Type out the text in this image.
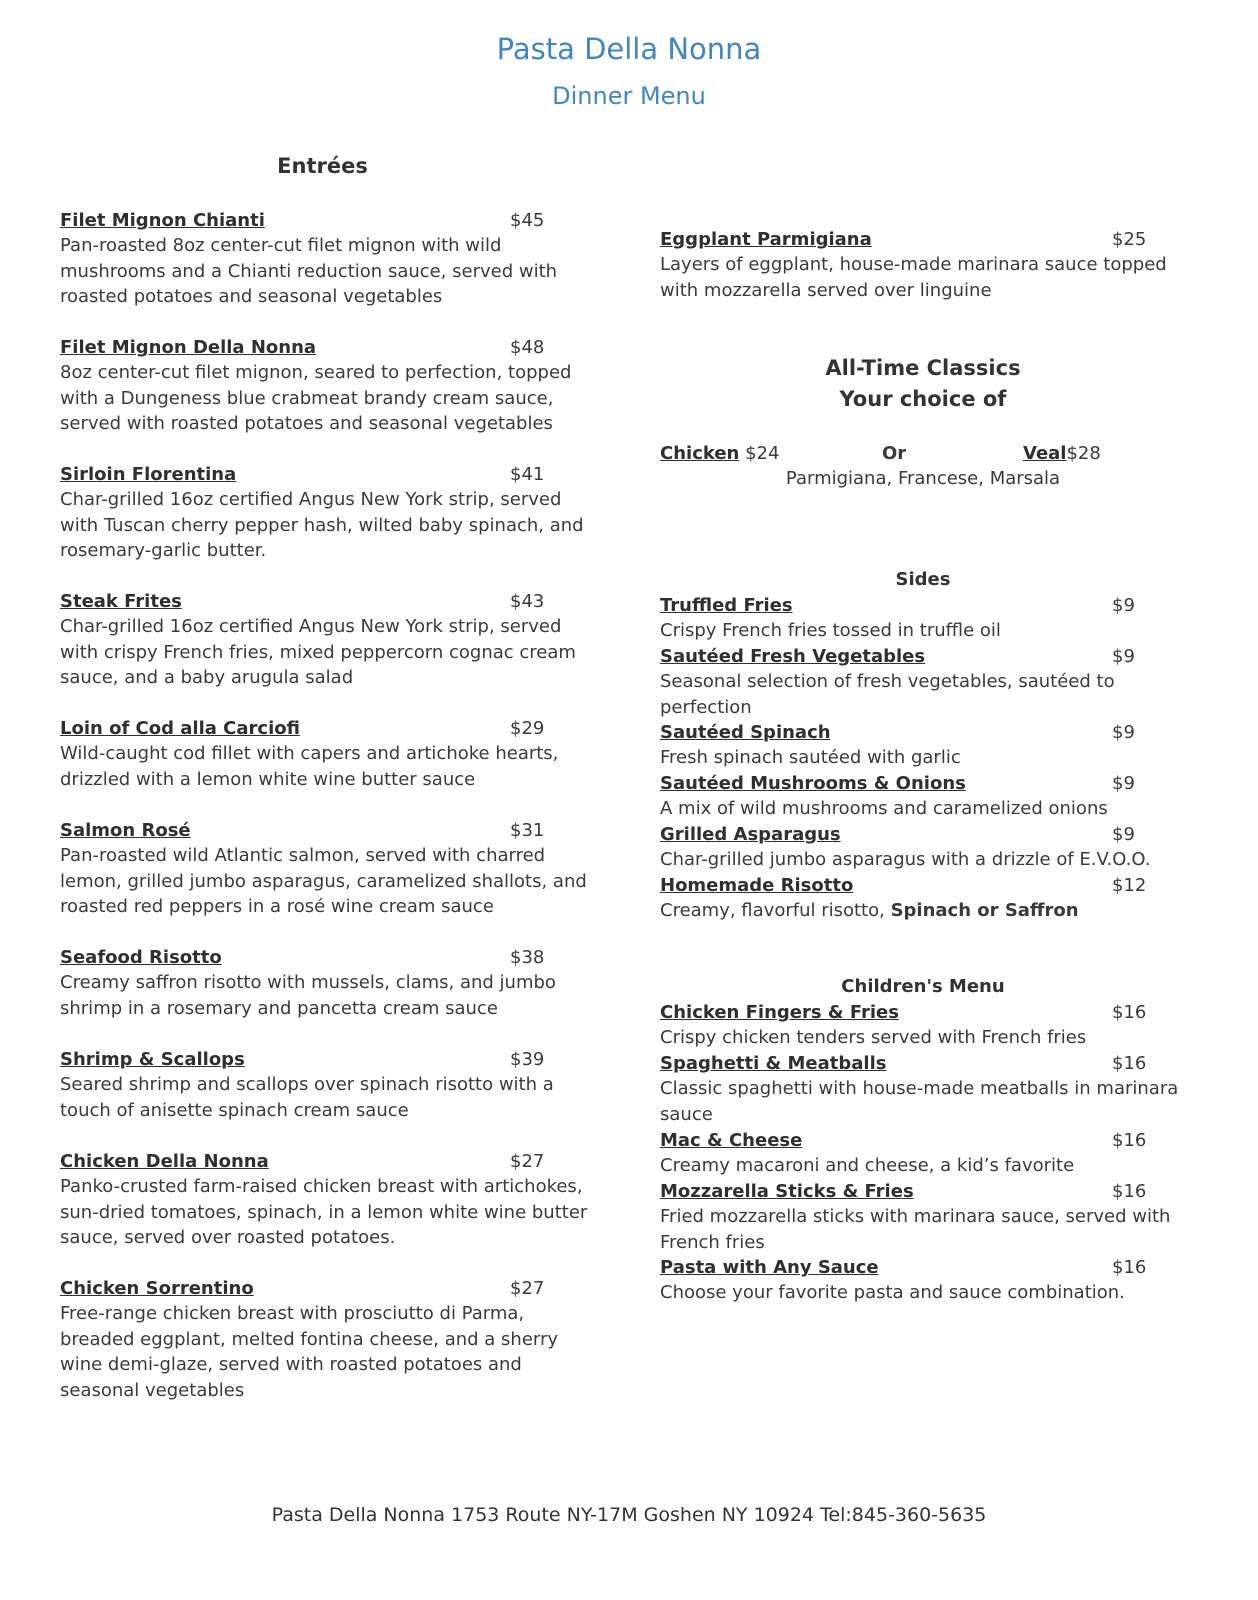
Pasta Della Nonna
Dinner Menu
Entrées
Filet Mignon Chianti	$45

Pan-roasted 8oz center-cut filet mignon with wild mushrooms and a Chianti reduction sauce, served with roasted potatoes and seasonal vegetables

Filet Mignon Della Nonna	$48

8oz center-cut filet mignon, seared to perfection, topped with a Dungeness blue crabmeat brandy cream sauce, served with roasted potatoes and seasonal vegetables

Sirloin Florentina	$41

Char-grilled 16oz certified Angus New York strip, served with Tuscan cherry pepper hash, wilted baby spinach, and rosemary-garlic butter.

Steak Frites	$43

Char-grilled 16oz certified Angus New York strip, served with crispy French fries, mixed peppercorn cognac cream sauce, and a baby arugula salad

Loin of Cod alla Carciofi	$29

Wild-caught cod fillet with capers and artichoke hearts, drizzled with a lemon white wine butter sauce

Salmon Rosé	$31

Pan-roasted wild Atlantic salmon, served with charred lemon, grilled jumbo asparagus, caramelized shallots, and roasted red peppers in a rosé wine cream sauce

Seafood Risotto	$38

Creamy saffron risotto with mussels, clams, and jumbo shrimp in a rosemary and pancetta cream sauce

Shrimp & Scallops	$39

Seared shrimp and scallops over spinach risotto with a touch of anisette spinach cream sauce

Chicken Della Nonna	$27

Panko-crusted farm-raised chicken breast with artichokes, sun-dried tomatoes, spinach, in a lemon white wine butter sauce, served over roasted potatoes.

Chicken Sorrentino	$27

Free-range chicken breast with prosciutto di Parma, breaded eggplant, melted fontina cheese, and a sherry wine demi-glaze, served with roasted potatoes and seasonal vegetables

Eggplant Parmigiana	$25

Layers of eggplant, house-made marinara sauce topped with mozzarella served over linguine

All-Time Classics
Your choice of
Chicken $24	Or	Veal$28
Parmigiana, Francese, Marsala
Sides
Truffled Fries	$9

Crispy French fries tossed in truffle oil

Sautéed Fresh Vegetables	$9

Seasonal selection of fresh vegetables, sautéed to perfection

Sautéed Spinach	$9

Fresh spinach sautéed with garlic

Sautéed Mushrooms & Onions	$9

A mix of wild mushrooms and caramelized onions

Grilled Asparagus	$9

Char-grilled jumbo asparagus with a drizzle of E.V.O.O.

Homemade Risotto	$12

Creamy, flavorful risotto, Spinach or Saffron

Children's Menu
Chicken Fingers & Fries	$16

Crispy chicken tenders served with French fries

Spaghetti & Meatballs	$16

Classic spaghetti with house-made meatballs in marinara sauce

Mac & Cheese	$16

Creamy macaroni and cheese, a kid’s favorite

Mozzarella Sticks & Fries	$16

Fried mozzarella sticks with marinara sauce, served with French fries

Pasta with Any Sauce	$16

Choose your favorite pasta and sauce combination.

Pasta Della Nonna 1753 Route NY-17M Goshen NY 10924 Tel:845-360-5635
